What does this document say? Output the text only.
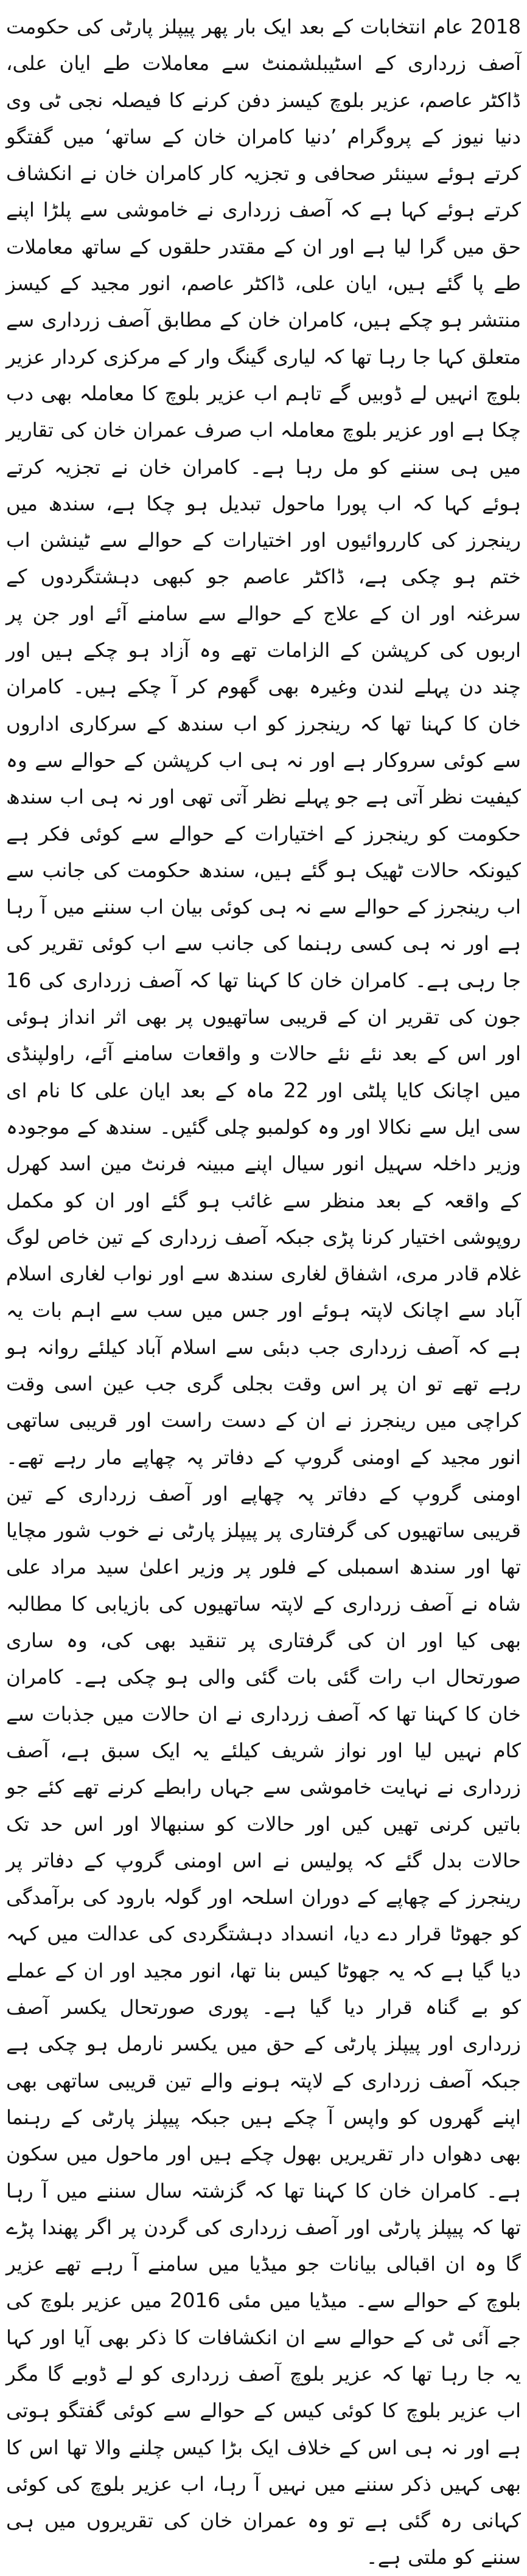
2018 عام انتخابات کے بعد ایک بار پھر پیپلز پارٹی کی حکومت آصف زرداری کے اسٹیبلشمنٹ سے معاملات طے ایان علی، ڈاکٹر عاصم، عزیر بلوچ کیسز دفن کرنے کا فیصلہ نجی ٹی وی دنیا نیوز کے پروگرام ’دنیا کامران خان کے ساتھ‘ میں گفتگو کرتے ہوئے سینئر صحافی و تجزیہ کار کامران خان نے انکشاف کرتے ہوئے کہا ہے کہ آصف زرداری نے خاموشی سے پلڑا اپنے حق میں گرا لیا ہے اور ان کے مقتدر حلقوں کے ساتھ معاملات طے پا گئے ہیں، ایان علی، ڈاکٹر عاصم، انور مجید کے کیسز منتشر ہو چکے ہیں، کامران خان کے مطابق آصف زرداری سے متعلق کہا جا رہا تھا کہ لیاری گینگ وار کے مرکزی کردار عزیر بلوچ انہیں لے ڈوبیں گے تاہم اب عزیر بلوچ کا معاملہ بھی دب چکا ہے اور عزیر بلوچ معاملہ اب صرف عمران خان کی تقاریر میں ہی سننے کو مل رہا ہے۔ کامران خان نے تجزیہ کرتے ہوئے کہا کہ اب پورا ماحول تبدیل ہو چکا ہے، سندھ میں رینجرز کی کارروائیوں اور اختیارات کے حوالے سے ٹینشن اب ختم ہو چکی ہے، ڈاکٹر عاصم جو کبھی دہشتگردوں کے سرغنہ اور ان کے علاج کے حوالے سے سامنے آئے اور جن پر اربوں کی کرپشن کے الزامات تھے وہ آزاد ہو چکے ہیں اور چند دن پہلے لندن وغیرہ بھی گھوم کر آ چکے ہیں۔ کامران خان کا کہنا تھا کہ رینجرز کو اب سندھ کے سرکاری اداروں سے کوئی سروکار ہے اور نہ ہی اب کرپشن کے حوالے سے وہ کیفیت نظر آتی ہے جو پہلے نظر آتی تھی اور نہ ہی اب سندھ حکومت کو رینجرز کے اختیارات کے حوالے سے کوئی فکر ہے کیونکہ حالات ٹھیک ہو گئے ہیں، سندھ حکومت کی جانب سے اب رینجرز کے حوالے سے نہ ہی کوئی بیان اب سننے میں آ رہا ہے اور نہ ہی کسی رہنما کی جانب سے اب کوئی تقریر کی جا رہی ہے۔ کامران خان کا کہنا تھا کہ آصف زرداری کی 16 جون کی تقریر ان کے قریبی ساتھیوں پر بھی اثر انداز ہوئی اور اس کے بعد نئے نئے حالات و واقعات سامنے آئے، راولپنڈی میں اچانک کایا پلٹی اور 22 ماہ کے بعد ایان علی کا نام ای سی ایل سے نکالا اور وہ کولمبو چلی گئیں۔ سندھ کے موجودہ وزیر داخلہ سہیل انور سیال اپنے مبینہ فرنٹ مین اسد کھرل کے واقعہ کے بعد منظر سے غائب ہو گئے اور ان کو مکمل روپوشی اختیار کرنا پڑی جبکہ آصف زرداری کے تین خاص لوگ غلام قادر مری، اشفاق لغاری سندھ سے اور نواب لغاری اسلام آباد سے اچانک لاپتہ ہوئے اور جس میں سب سے اہم بات یہ ہے کہ آصف زرداری جب دبئی سے اسلام آباد کیلئے روانہ ہو رہے تھے تو ان پر اس وقت بجلی گری جب عین اسی وقت کراچی میں رینجرز نے ان کے دست راست اور قریبی ساتھی انور مجید کے اومنی گروپ کے دفاتر پہ چھاپے مار رہے تھے۔ اومنی گروپ کے دفاتر پہ چھاپے اور آصف زرداری کے تین قریبی ساتھیوں کی گرفتاری پر پیپلز پارٹی نے خوب شور مچایا تھا اور سندھ اسمبلی کے فلور پر وزیر اعلیٰ سید مراد علی شاہ نے آصف زرداری کے لاپتہ ساتھیوں کی بازیابی کا مطالبہ بھی کیا اور ان کی گرفتاری پر تنقید بھی کی، وہ ساری صورتحال اب رات گئی بات گئی والی ہو چکی ہے۔ کامران خان کا کہنا تھا کہ آصف زرداری نے ان حالات میں جذبات سے کام نہیں لیا اور نواز شریف کیلئے یہ ایک سبق ہے، آصف زرداری نے نہایت خاموشی سے جہاں رابطے کرنے تھے کئے جو باتیں کرنی تھیں کیں اور حالات کو سنبھالا اور اس حد تک حالات بدل گئے کہ پولیس نے اس اومنی گروپ کے دفاتر پر رینجرز کے چھاپے کے دوران اسلحہ اور گولہ بارود کی برآمدگی کو جھوٹا قرار دے دیا، انسداد دہشتگردی کی عدالت میں کہہ دیا گیا ہے کہ یہ جھوٹا کیس بنا تھا، انور مجید اور ان کے عملے کو بے گناہ قرار دیا گیا ہے۔ پوری صورتحال یکسر آصف زرداری اور پیپلز پارٹی کے حق میں یکسر نارمل ہو چکی ہے جبکہ آصف زرداری کے لاپتہ ہونے والے تین قریبی ساتھی بھی اپنے گھروں کو واپس آ چکے ہیں جبکہ پیپلز پارٹی کے رہنما بھی دھواں دار تقریریں بھول چکے ہیں اور ماحول میں سکون ہے۔ کامران خان کا کہنا تھا کہ گزشتہ سال سننے میں آ رہا تھا کہ پیپلز پارٹی اور آصف زرداری کی گردن پر اگر پھندا پڑے گا وہ ان اقبالی بیانات جو میڈیا میں سامنے آ رہے تھے عزیر بلوچ کے حوالے سے۔ میڈیا میں مئی 2016 میں عزیر بلوچ کی جے آئی ٹی کے حوالے سے ان انکشافات کا ذکر بھی آیا اور کہا یہ جا رہا تھا کہ عزیر بلوچ آصف زرداری کو لے ڈوبے گا مگر اب عزیر بلوچ کا کوئی کیس کے حوالے سے کوئی گفتگو ہوتی ہے اور نہ ہی اس کے خلاف ایک بڑا کیس چلنے والا تھا اس کا بھی کہیں ذکر سننے میں نہیں آ رہا، اب عزیر بلوچ کی کوئی کہانی رہ گئی ہے تو وہ عمران خان کی تقریروں میں ہی سننے کو ملتی ہے۔
